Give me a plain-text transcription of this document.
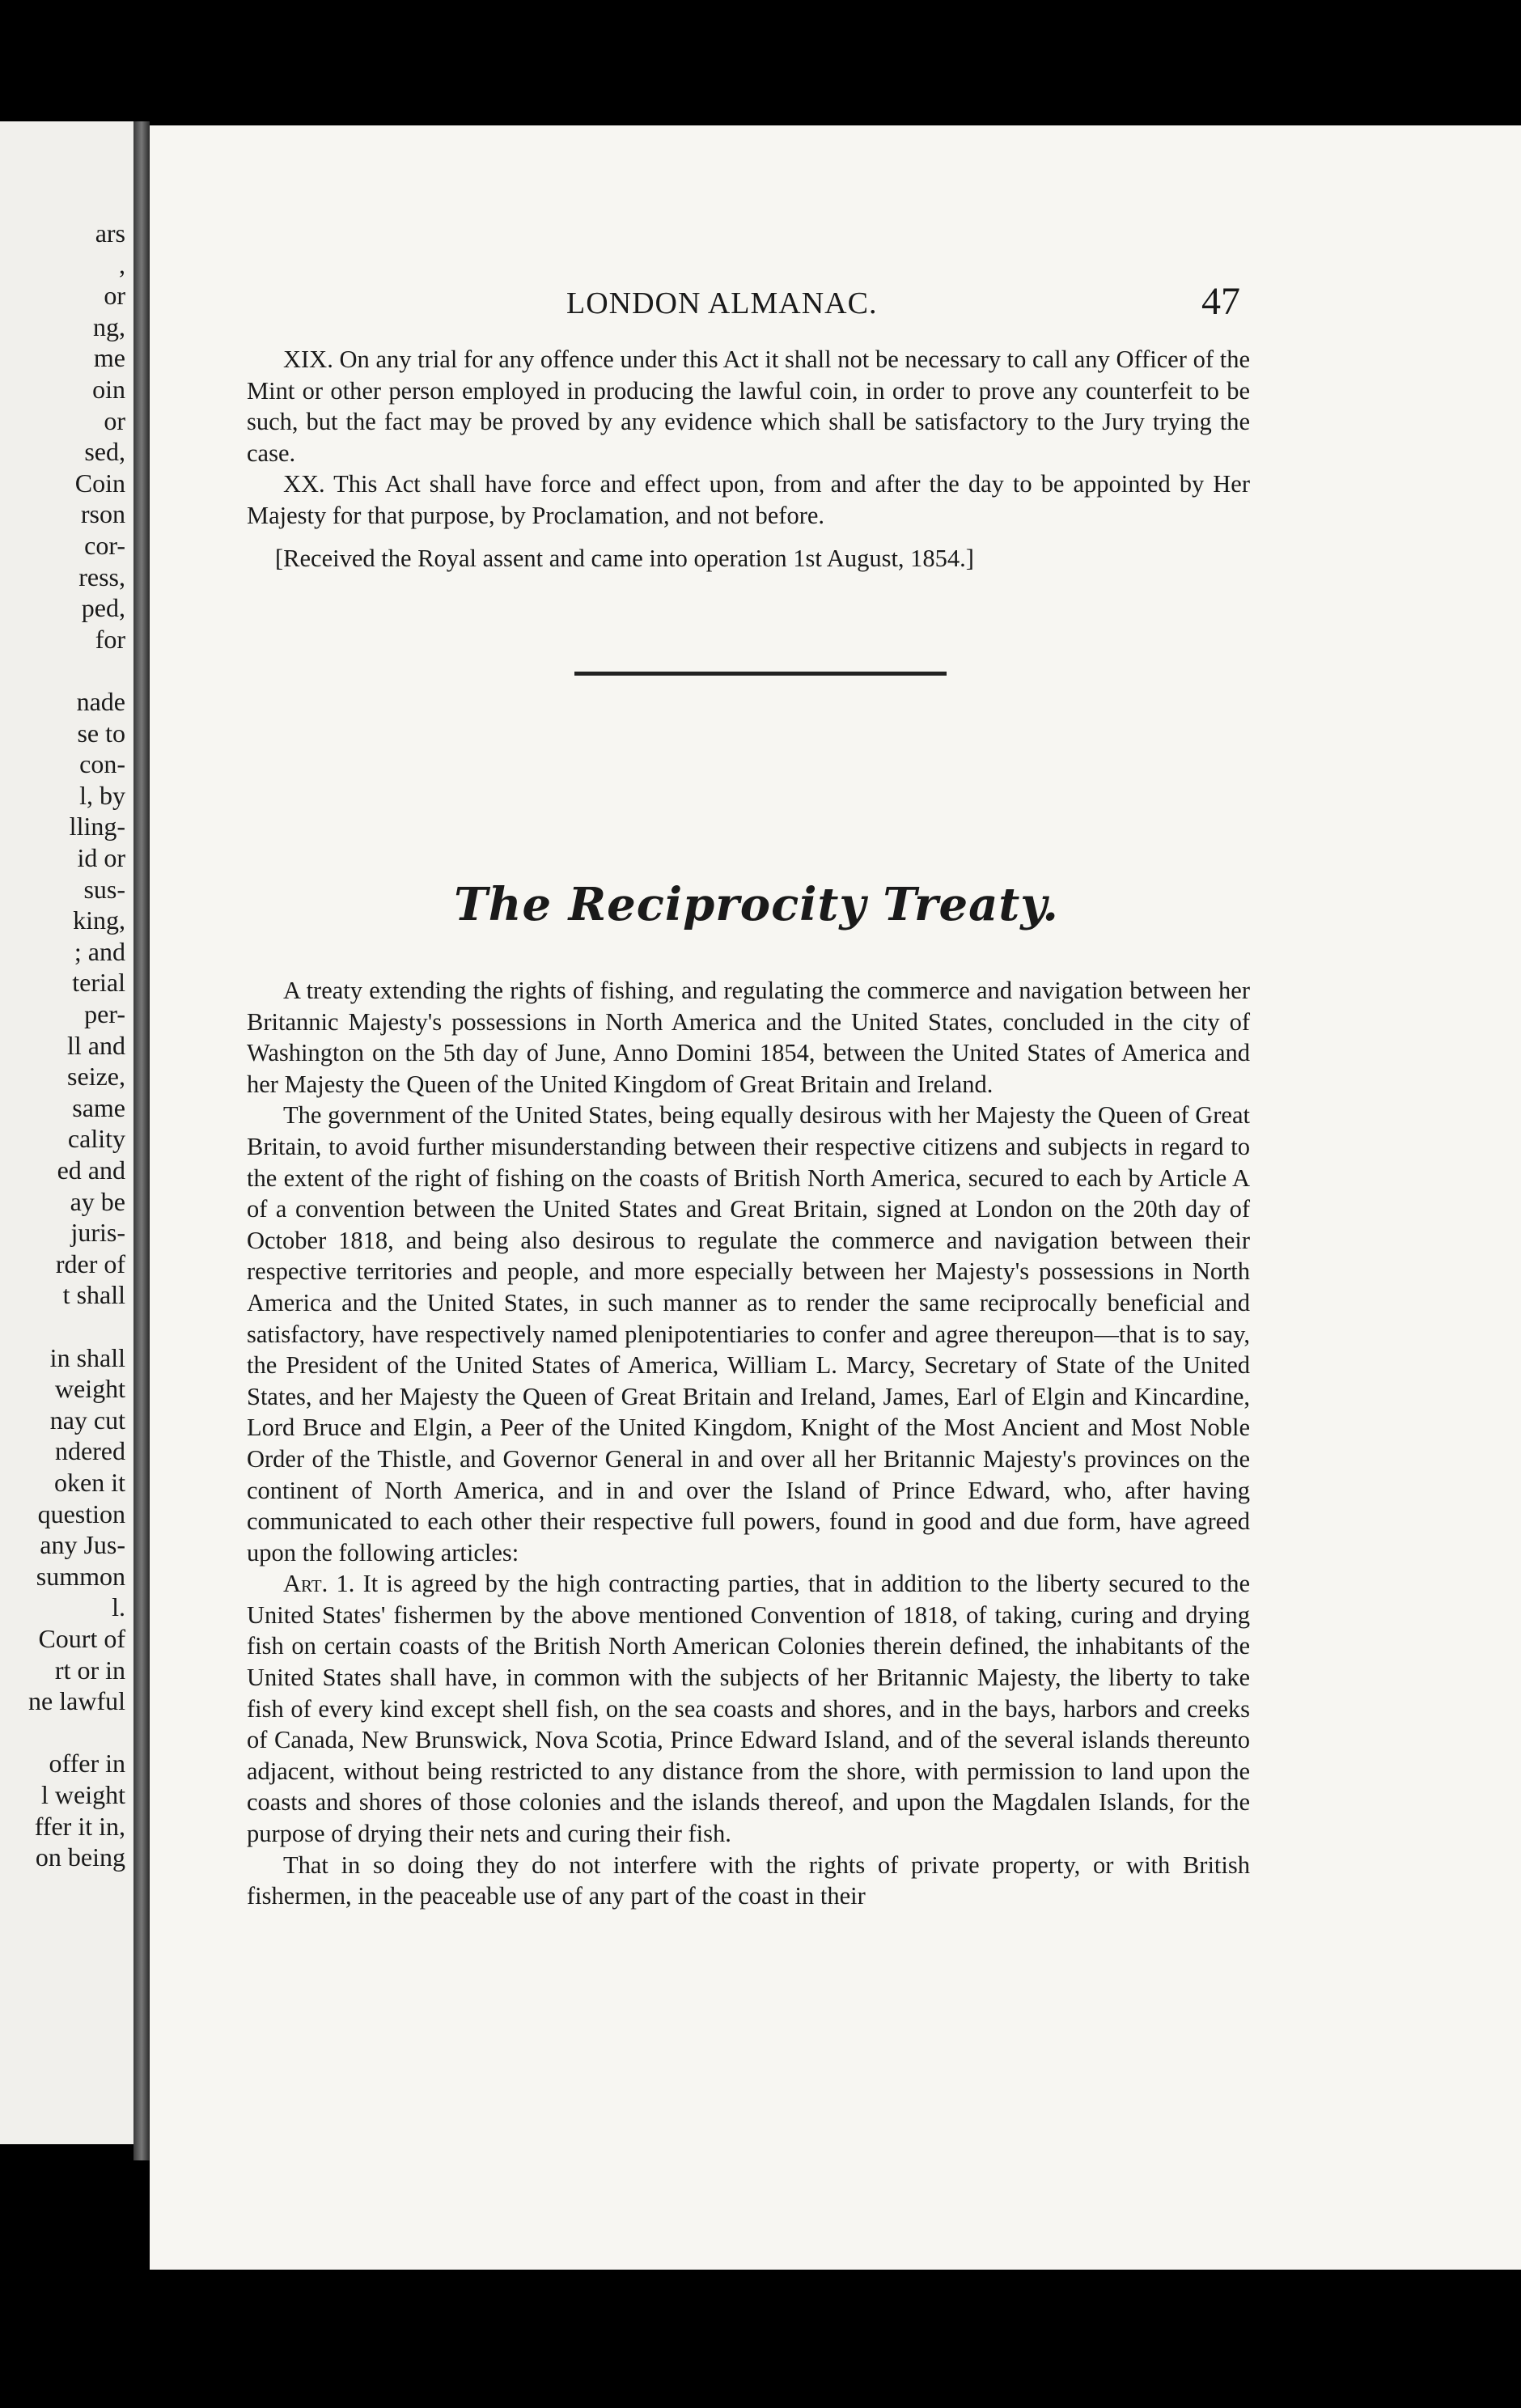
ars
,
or
ng,
me
oin
or
sed,
Coin
rson
cor-
ress,
ped,
for
nade
se to
con-
l, by
lling-
id or
sus-
king,
; and
terial
per-
ll and
seize,
same
cality
ed and
ay be
juris-
rder of
t shall
in shall
weight
nay cut
ndered
oken it
question
any Jus-
summon
l.
Court of
rt or in
ne lawful
offer in
l weight
ffer it in,
on being
LONDON ALMANAC.	47

XIX. On any trial for any offence under this Act it shall not be necessary to call any Officer of the Mint or other person employed in producing the lawful coin, in order to prove any counterfeit to be such, but the fact may be proved by any evidence which shall be satisfactory to the Jury trying the case.

XX. This Act shall have force and effect upon, from and after the day to be appointed by Her Majesty for that purpose, by Proclamation, and not before.

[Received the Royal assent and came into operation 1st August, 1854.]

The Reciprocity Treaty.

A treaty extending the rights of fishing, and regulating the commerce and navigation between her Britannic Majesty's possessions in North America and the United States, concluded in the city of Washington on the 5th day of June, Anno Domini 1854, between the United States of America and her Majesty the Queen of the United Kingdom of Great Britain and Ireland.

The government of the United States, being equally desirous with her Majesty the Queen of Great Britain, to avoid further misunderstanding between their respective citizens and subjects in regard to the extent of the right of fishing on the coasts of British North America, secured to each by Article A of a convention between the United States and Great Britain, signed at London on the 20th day of October 1818, and being also desirous to regulate the commerce and navigation between their respective territories and people, and more especially between her Majesty's possessions in North America and the United States, in such manner as to render the same reciprocally beneficial and satisfactory, have respectively named plenipotentiaries to confer and agree thereupon—that is to say, the President of the United States of America, William L. Marcy, Secretary of State of the United States, and her Majesty the Queen of Great Britain and Ireland, James, Earl of Elgin and Kincardine, Lord Bruce and Elgin, a Peer of the United Kingdom, Knight of the Most Ancient and Most Noble Order of the Thistle, and Governor General in and over all her Britannic Majesty's provinces on the continent of North America, and in and over the Island of Prince Edward, who, after having communicated to each other their respective full powers, found in good and due form, have agreed upon the following articles:

Art. 1. It is agreed by the high contracting parties, that in addition to the liberty secured to the United States' fishermen by the above mentioned Convention of 1818, of taking, curing and drying fish on certain coasts of the British North American Colonies therein defined, the inhabitants of the United States shall have, in common with the subjects of her Britannic Majesty, the liberty to take fish of every kind except shell fish, on the sea coasts and shores, and in the bays, harbors and creeks of Canada, New Brunswick, Nova Scotia, Prince Edward Island, and of the several islands thereunto adjacent, without being restricted to any distance from the shore, with permission to land upon the coasts and shores of those colonies and the islands thereof, and upon the Magdalen Islands, for the purpose of drying their nets and curing their fish.

That in so doing they do not interfere with the rights of private property, or with British fishermen, in the peaceable use of any part of the coast in their
